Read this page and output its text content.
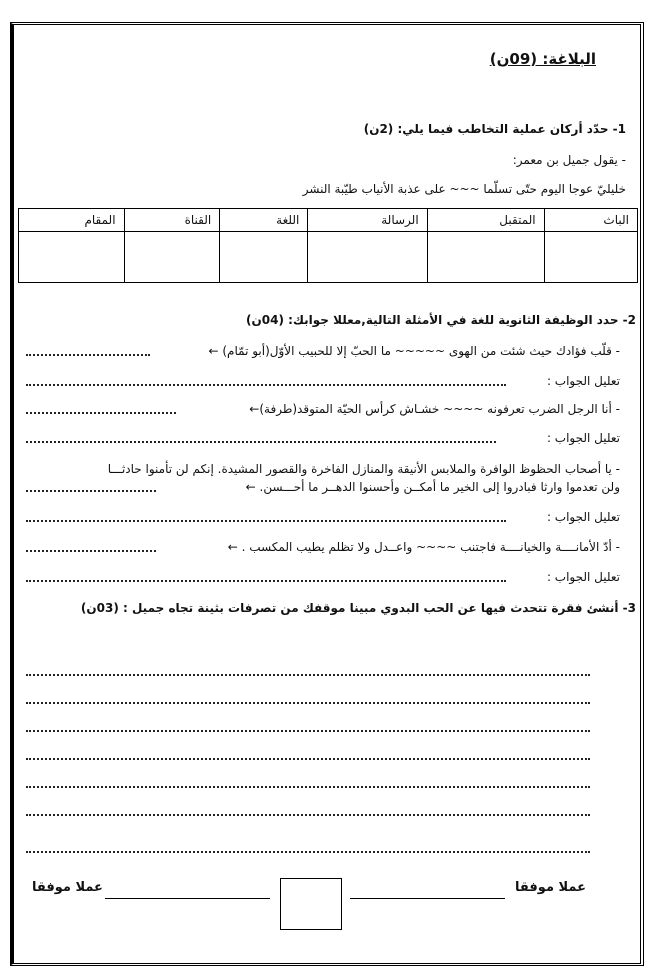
البلاغة: (09ن)
1- حدّد أركان عملية التخاطب فيما يلي: (2ن)
- يقول جميل بن معمر:
خليليّ عوجا اليوم حتّى تسلّما ~~~ على عذبة الأنياب طيّبة النشر
الباث	المتقبل	الرسالة	اللغة	القناة	المقام

2- حدد الوظيفة الثانوية للغة في الأمثلة التالية,معللا جوابك: (04ن)
- قلّب فؤادك حيث شئت من الهوى ~~~~~ ما الحبّ إلا للحبيب الأوّل(أبو تمّام) ←
تعليل الجواب :
- أنا الرجل الضرب تعرفونه ~~~~ خشـاش كرأس الحيّة المتوقد(طرفة)←
تعليل الجواب :
- يا أصحاب الحظوظ الوافرة والملابس الأنيقة والمنازل الفاخرة والقصور المشيدة. إنكم لن تأمنوا حادثـــا
ولن تعدموا وارثا فبادروا إلى الخير ما أمكــن وأحسنوا الدهــر ما أحـــسن. ←
تعليل الجواب :
- أدّ الأمانــــة والخيانــــة فاجتنب ~~~~ واعــدل ولا تظلم يطيب المكسب . ←
تعليل الجواب :
3- أنشئ فقرة تتحدث فيها عن الحب البدوي مبينا موقفك من تصرفات بثينة تجاه جميل : (03ن)
عملا موفقا
عملا موفقا
